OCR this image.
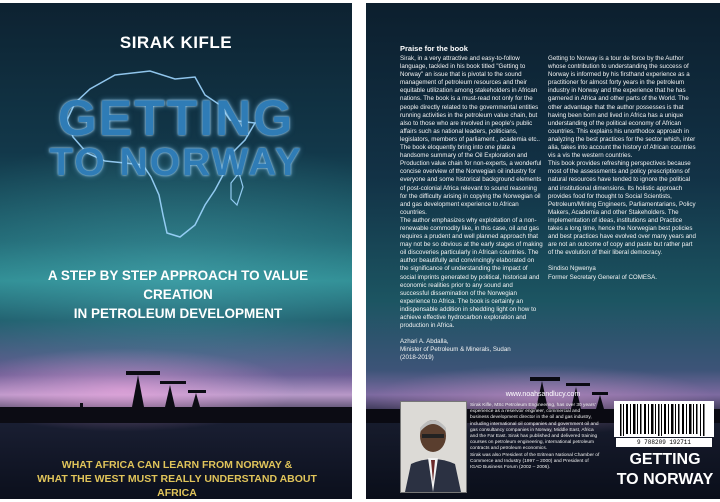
SIRAK KIFLE
GETTING
TO NORWAY
A STEP BY STEP APPROACH TO VALUE CREATION
IN PETROLEUM DEVELOPMENT
WHAT AFRICA CAN LEARN FROM NORWAY &
WHAT THE WEST MUST REALLY UNDERSTAND ABOUT AFRICA
Praise for the book

Sirak, in a very attractive and easy-to-follow language, tackled in his book titled "Getting to Norway" an issue that is pivotal to the sound management of petroleum resources and their equitable utilization among stakeholders in African nations. The book is a must-read not only for the people directly related to the governmental entities running activities in the petroleum value chain, but also to those who are involved in people's public affairs such as national leaders, politicians, legislators, members of parliament , academia etc.. The book eloquently bring into one plate a handsome summary of the Oil Exploration and Production value chain for non-experts, a wonderful concise overview of the Norwegian oil industry for everyone and some historical background elements of post-colonial Africa relevant to sound reasoning for the difficulty arising in copying the Norwegian oil and gas development experience to African countries.
The author emphasizes why exploitation of a non-renewable commodity like, in this case, oil and gas requires a prudent and well planned approach that may not be so obvious at the early stages of making oil discoveries particularly in African countries. The author beautifully and convincingly elaborated on the significance of understanding the impact of social imprints generated by political, historical and economic realities prior to any sound and successful dissemination of the Norwegian experience to Africa. The book is certainly an indispensable addition in shedding light on how to achieve effective hydrocarbon exploration and production in Africa.

Azhari A. Abdalla,
Minister of Petroleum & Minerals, Sudan
(2018-2019)

Getting to Norway is a tour de force by the Author whose contribution to understanding the success of Norway is informed by his firsthand experience as a practitioner for almost forty years in the petroleum industry in Norway and the experience that he has garnered in Africa and other parts of the World. The other advantage that the author possesses is that having been born and lived in Africa has a unique understanding of the political economy of African countries. This explains his unorthodox approach in analyzing the best practices for the sector which, inter alia, takes into account the history of African countries vis a vis the western countries.
This book provides refreshing perspectives because most of the assessments and policy prescriptions of natural resources have tended to ignore the political and institutional dimensions. Its holistic approach provides food for thought to Social Scientists, Petroleum/Mining Engineers, Parliamentarians, Policy Makers, Academia and other Stakeholders. The implementation of ideas, institutions and Practice takes a long time, hence the Norwegian best policies and best practices have evolved over many years and are not an outcome of copy and paste but rather part of the evolution of their liberal democracy.

Sindiso Ngwenya
Former Secretary General of COMESA.

www.noahsandlucy.com
Sirak Kifle, MSc Petroleum Engineering, has over 30 years' experience as a reservoir engineer, commercial and business development director in the oil and gas industry, including international oil companies and government oil and gas consultancy companies in Norway, Middle East, Africa and the Far East. Sirak has published and delivered training courses on petroleum engineering, international petroleum contracts and petroleum economics.
Sirak was also President of the Eritrean National Chamber of Commerce and Industry (1997 – 2000) and President of IGAD Business Forum (2002 – 2006).
9 788209 192711
GETTING
TO NORWAY
